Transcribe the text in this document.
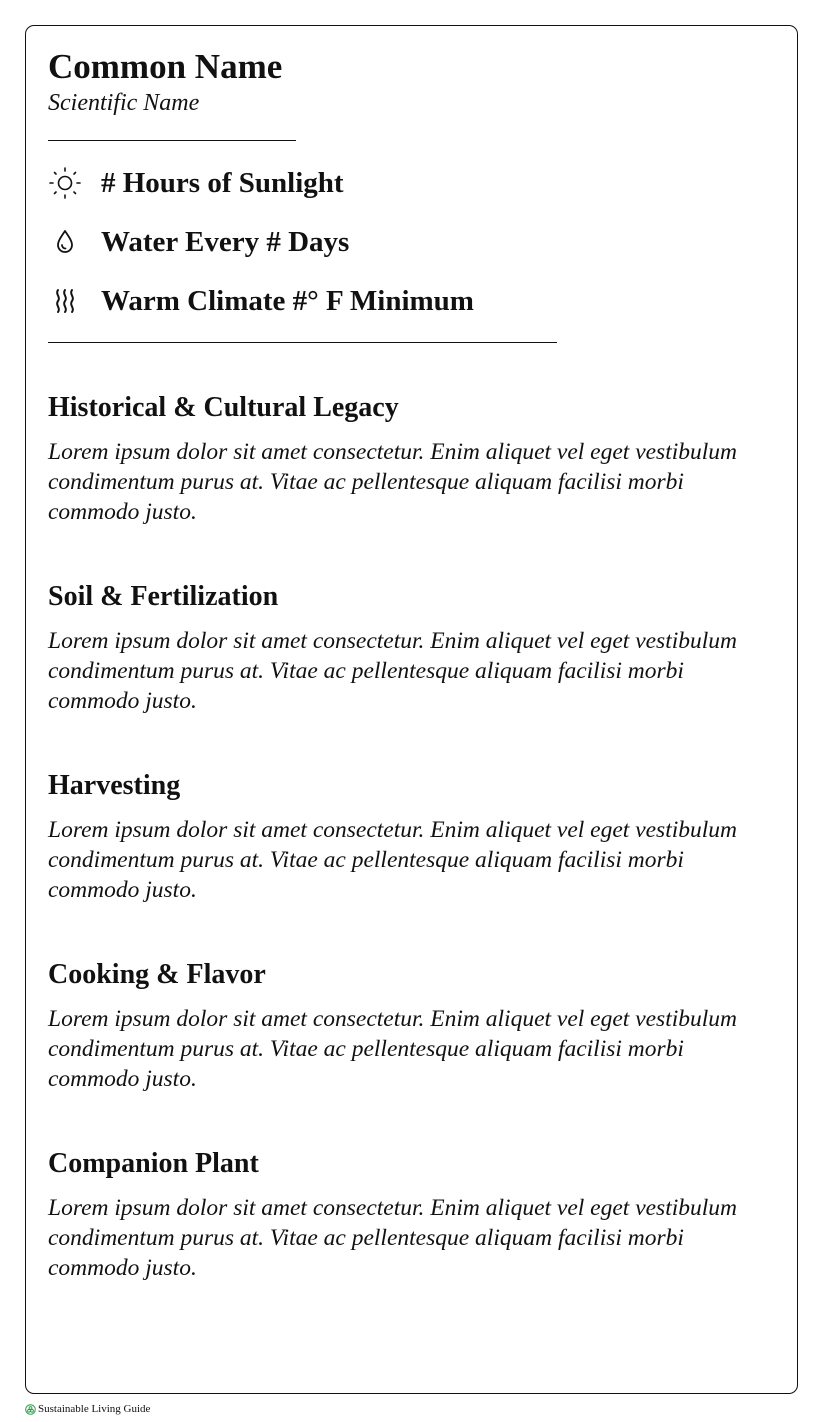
Common Name
Scientific Name
# Hours of Sunlight
Water Every # Days
Warm Climate #° F Minimum
Historical & Cultural Legacy

Lorem ipsum dolor sit amet consectetur. Enim aliquet vel eget vestibulum condimentum purus at. Vitae ac pellentesque aliquam facilisi morbi commodo justo.

Soil & Fertilization

Lorem ipsum dolor sit amet consectetur. Enim aliquet vel eget vestibulum condimentum purus at. Vitae ac pellentesque aliquam facilisi morbi commodo justo.

Harvesting

Lorem ipsum dolor sit amet consectetur. Enim aliquet vel eget vestibulum condimentum purus at. Vitae ac pellentesque aliquam facilisi morbi commodo justo.

Cooking & Flavor

Lorem ipsum dolor sit amet consectetur. Enim aliquet vel eget vestibulum condimentum purus at. Vitae ac pellentesque aliquam facilisi morbi commodo justo.

Companion Plant

Lorem ipsum dolor sit amet consectetur. Enim aliquet vel eget vestibulum condimentum purus at. Vitae ac pellentesque aliquam facilisi morbi commodo justo.

Sustainable Living Guide
